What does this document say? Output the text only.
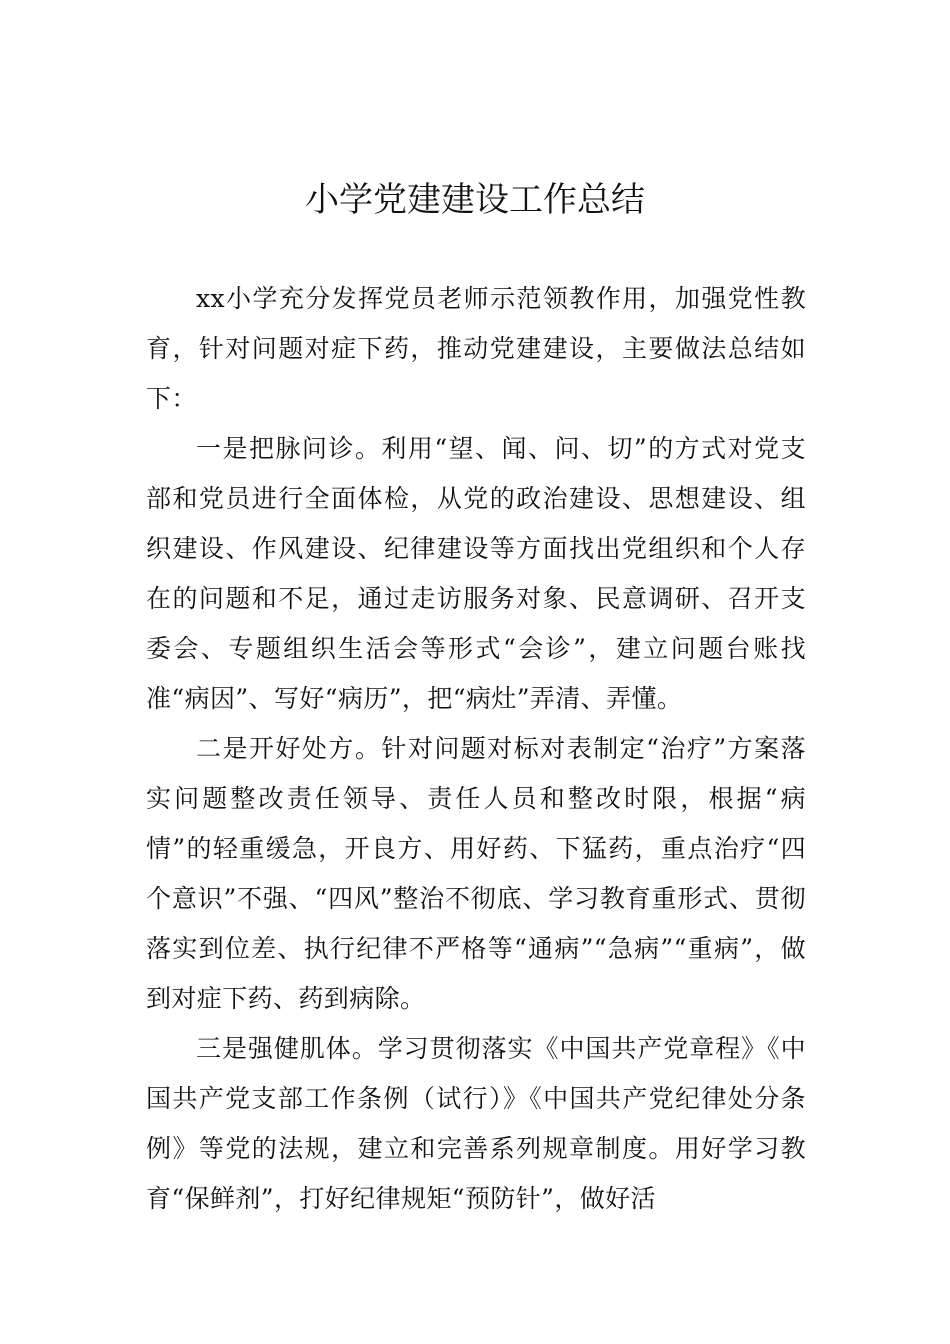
小学党建建设工作总结

xx小学充分发挥党员老师示范领教作用，加强党性教育，针对问题对症下药，推动党建建设，主要做法总结如下：

一是把脉问诊。利用“望、闻、问、切”的方式对党支部和党员进行全面体检，从党的政治建设、思想建设、组织建设、作风建设、纪律建设等方面找出党组织和个人存在的问题和不足，通过走访服务对象、民意调研、召开支委会、专题组织生活会等形式“会诊”，建立问题台账找准“病因”、写好“病历”，把“病灶”弄清、弄懂。

二是开好处方。针对问题对标对表制定“治疗”方案落实问题整改责任领导、责任人员和整改时限，根据“病情”的轻重缓急，开良方、用好药、下猛药，重点治疗“四个意识”不强、“四风”整治不彻底、学习教育重形式、贯彻落实到位差、执行纪律不严格等“通病”“急病”“重病”，做到对症下药、药到病除。

三是强健肌体。学习贯彻落实《中国共产党章程》《中国共产党支部工作条例（试行）》《中国共产党纪律处分条例》等党的法规，建立和完善系列规章制度。用好学习教育“保鲜剂”，打好纪律规矩“预防针”，做好活
